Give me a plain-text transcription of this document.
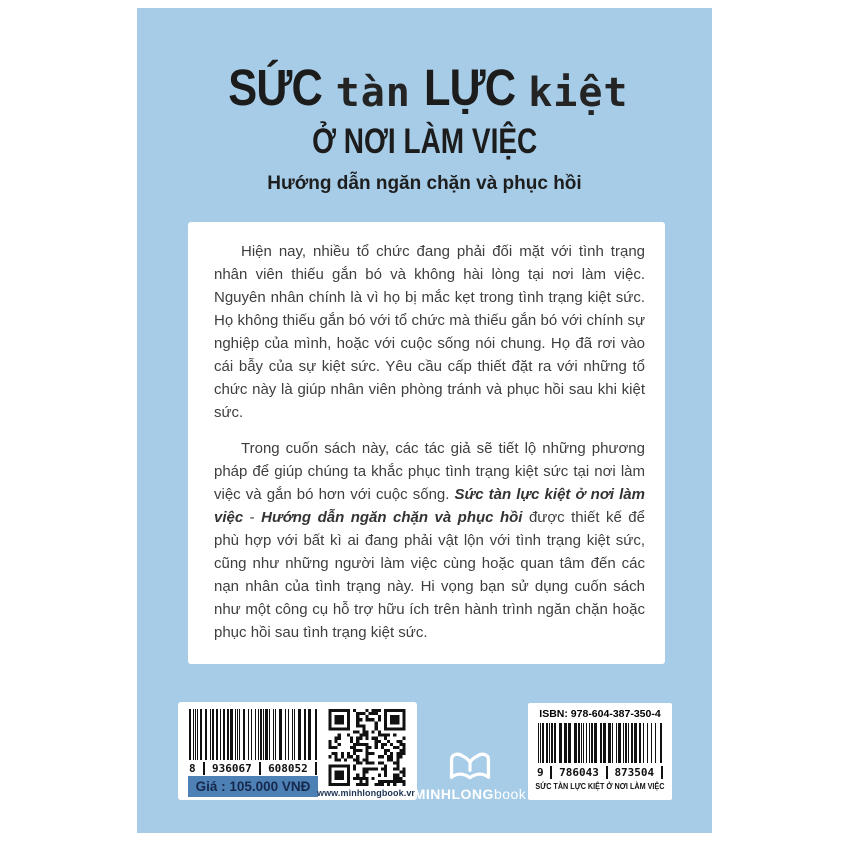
SỨC tàn LỰC kiệt
Ở NƠI LÀM VIỆC
Hướng dẫn ngăn chặn và phục hồi

Hiện nay, nhiều tổ chức đang phải đối mặt với tình trạng nhân viên thiếu gắn bó và không hài lòng tại nơi làm việc. Nguyên nhân chính là vì họ bị mắc kẹt trong tình trạng kiệt sức. Họ không thiếu gắn bó với tổ chức mà thiếu gắn bó với chính sự nghiệp của mình, hoặc với cuộc sống nói chung. Họ đã rơi vào cái bẫy của sự kiệt sức. Yêu cầu cấp thiết đặt ra với những tổ chức này là giúp nhân viên phòng tránh và phục hồi sau khi kiệt sức.

Trong cuốn sách này, các tác giả sẽ tiết lộ những phương pháp để giúp chúng ta khắc phục tình trạng kiệt sức tại nơi làm việc và gắn bó hơn với cuộc sống. Sức tàn lực kiệt ở nơi làm việc - Hướng dẫn ngăn chặn và phục hồi được thiết kế để phù hợp với bất kì ai đang phải vật lộn với tình trạng kiệt sức, cũng như những người làm việc cùng hoặc quan tâm đến các nạn nhân của tình trạng này. Hi vọng bạn sử dụng cuốn sách như một công cụ hỗ trợ hữu ích trên hành trình ngăn chặn hoặc phục hồi sau tình trạng kiệt sức.

8 936067 608052
Giá : 105.000 VNĐ www.minhlongbook.vn
MINHLONGbook
ISBN: 978-604-387-350-4
9 786043 873504
SỨC TÀN LỰC KIỆT Ở NƠI LÀM VIỆC
